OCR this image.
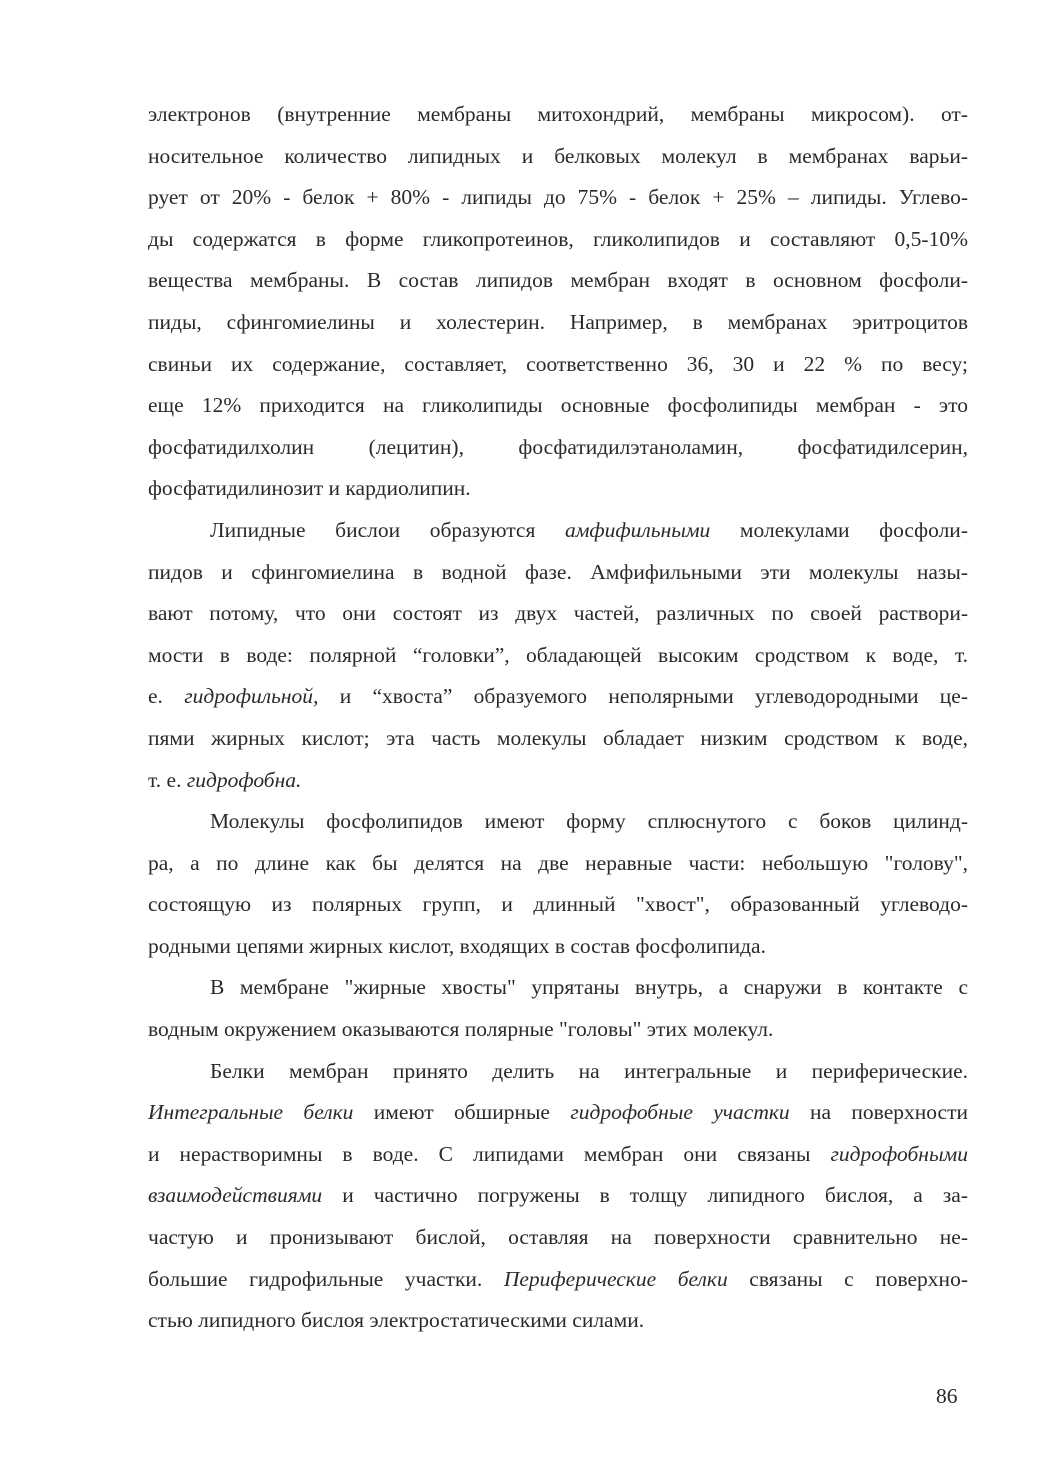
электронов (внутренние мембраны митохондрий, мембраны микросом). от-
носительное количество липидных и белковых молекул в мембранах варьи-
рует от 20% - белок + 80% - липиды до 75% - белок + 25% – липиды. Углево-
ды содержатся в форме гликопротеинов, гликолипидов и составляют 0,5-10%
вещества мембраны. В состав липидов мембран входят в основном фосфоли-
пиды, сфингомиелины и холестерин. Например, в мембранах эритроцитов
свиньи их содержание, составляет, соответственно 36, 30 и 22 % по весу;
еще 12% приходится на гликолипиды основные фосфолипиды мембран - это
фосфатидилхолин (лецитин), фосфатидилэтаноламин, фосфатидилсерин,
фосфатидилинозит и кардиолипин.
Липидные бислои образуются амфифильными молекулами фосфоли-
пидов и сфингомиелина в водной фазе. Амфифильными эти молекулы назы-
вают потому, что они состоят из двух частей, различных по своей раствори-
мости в воде: полярной “головки”, обладающей высоким сродством к воде, т.
е. гидрофильной, и “хвоста” образуемого неполярными углеводородными це-
пями жирных кислот; эта часть молекулы обладает низким сродством к воде,
т. е. гидрофобна.
Молекулы фосфолипидов имеют форму сплюснутого с боков цилинд-
ра, а по длине как бы делятся на две неравные части: небольшую "голову",
состоящую из полярных групп, и длинный "хвост", образованный углеводо-
родными цепями жирных кислот, входящих в состав фосфолипида.
В мембране "жирные хвосты" упрятаны внутрь, а снаружи в контакте с
водным окружением оказываются полярные "головы" этих молекул.
Белки мембран принято делить на интегральные и периферические.
Интегральные белки имеют обширные гидрофобные участки на поверхности
и нерастворимны в воде. С липидами мембран они связаны гидрофобными
взаимодействиями и частично погружены в толщу липидного бислоя, а за-
частую и пронизывают бислой, оставляя на поверхности сравнительно не-
большие гидрофильные участки. Периферические белки связаны с поверхно-
стью липидного бислоя электростатическими силами.
86
